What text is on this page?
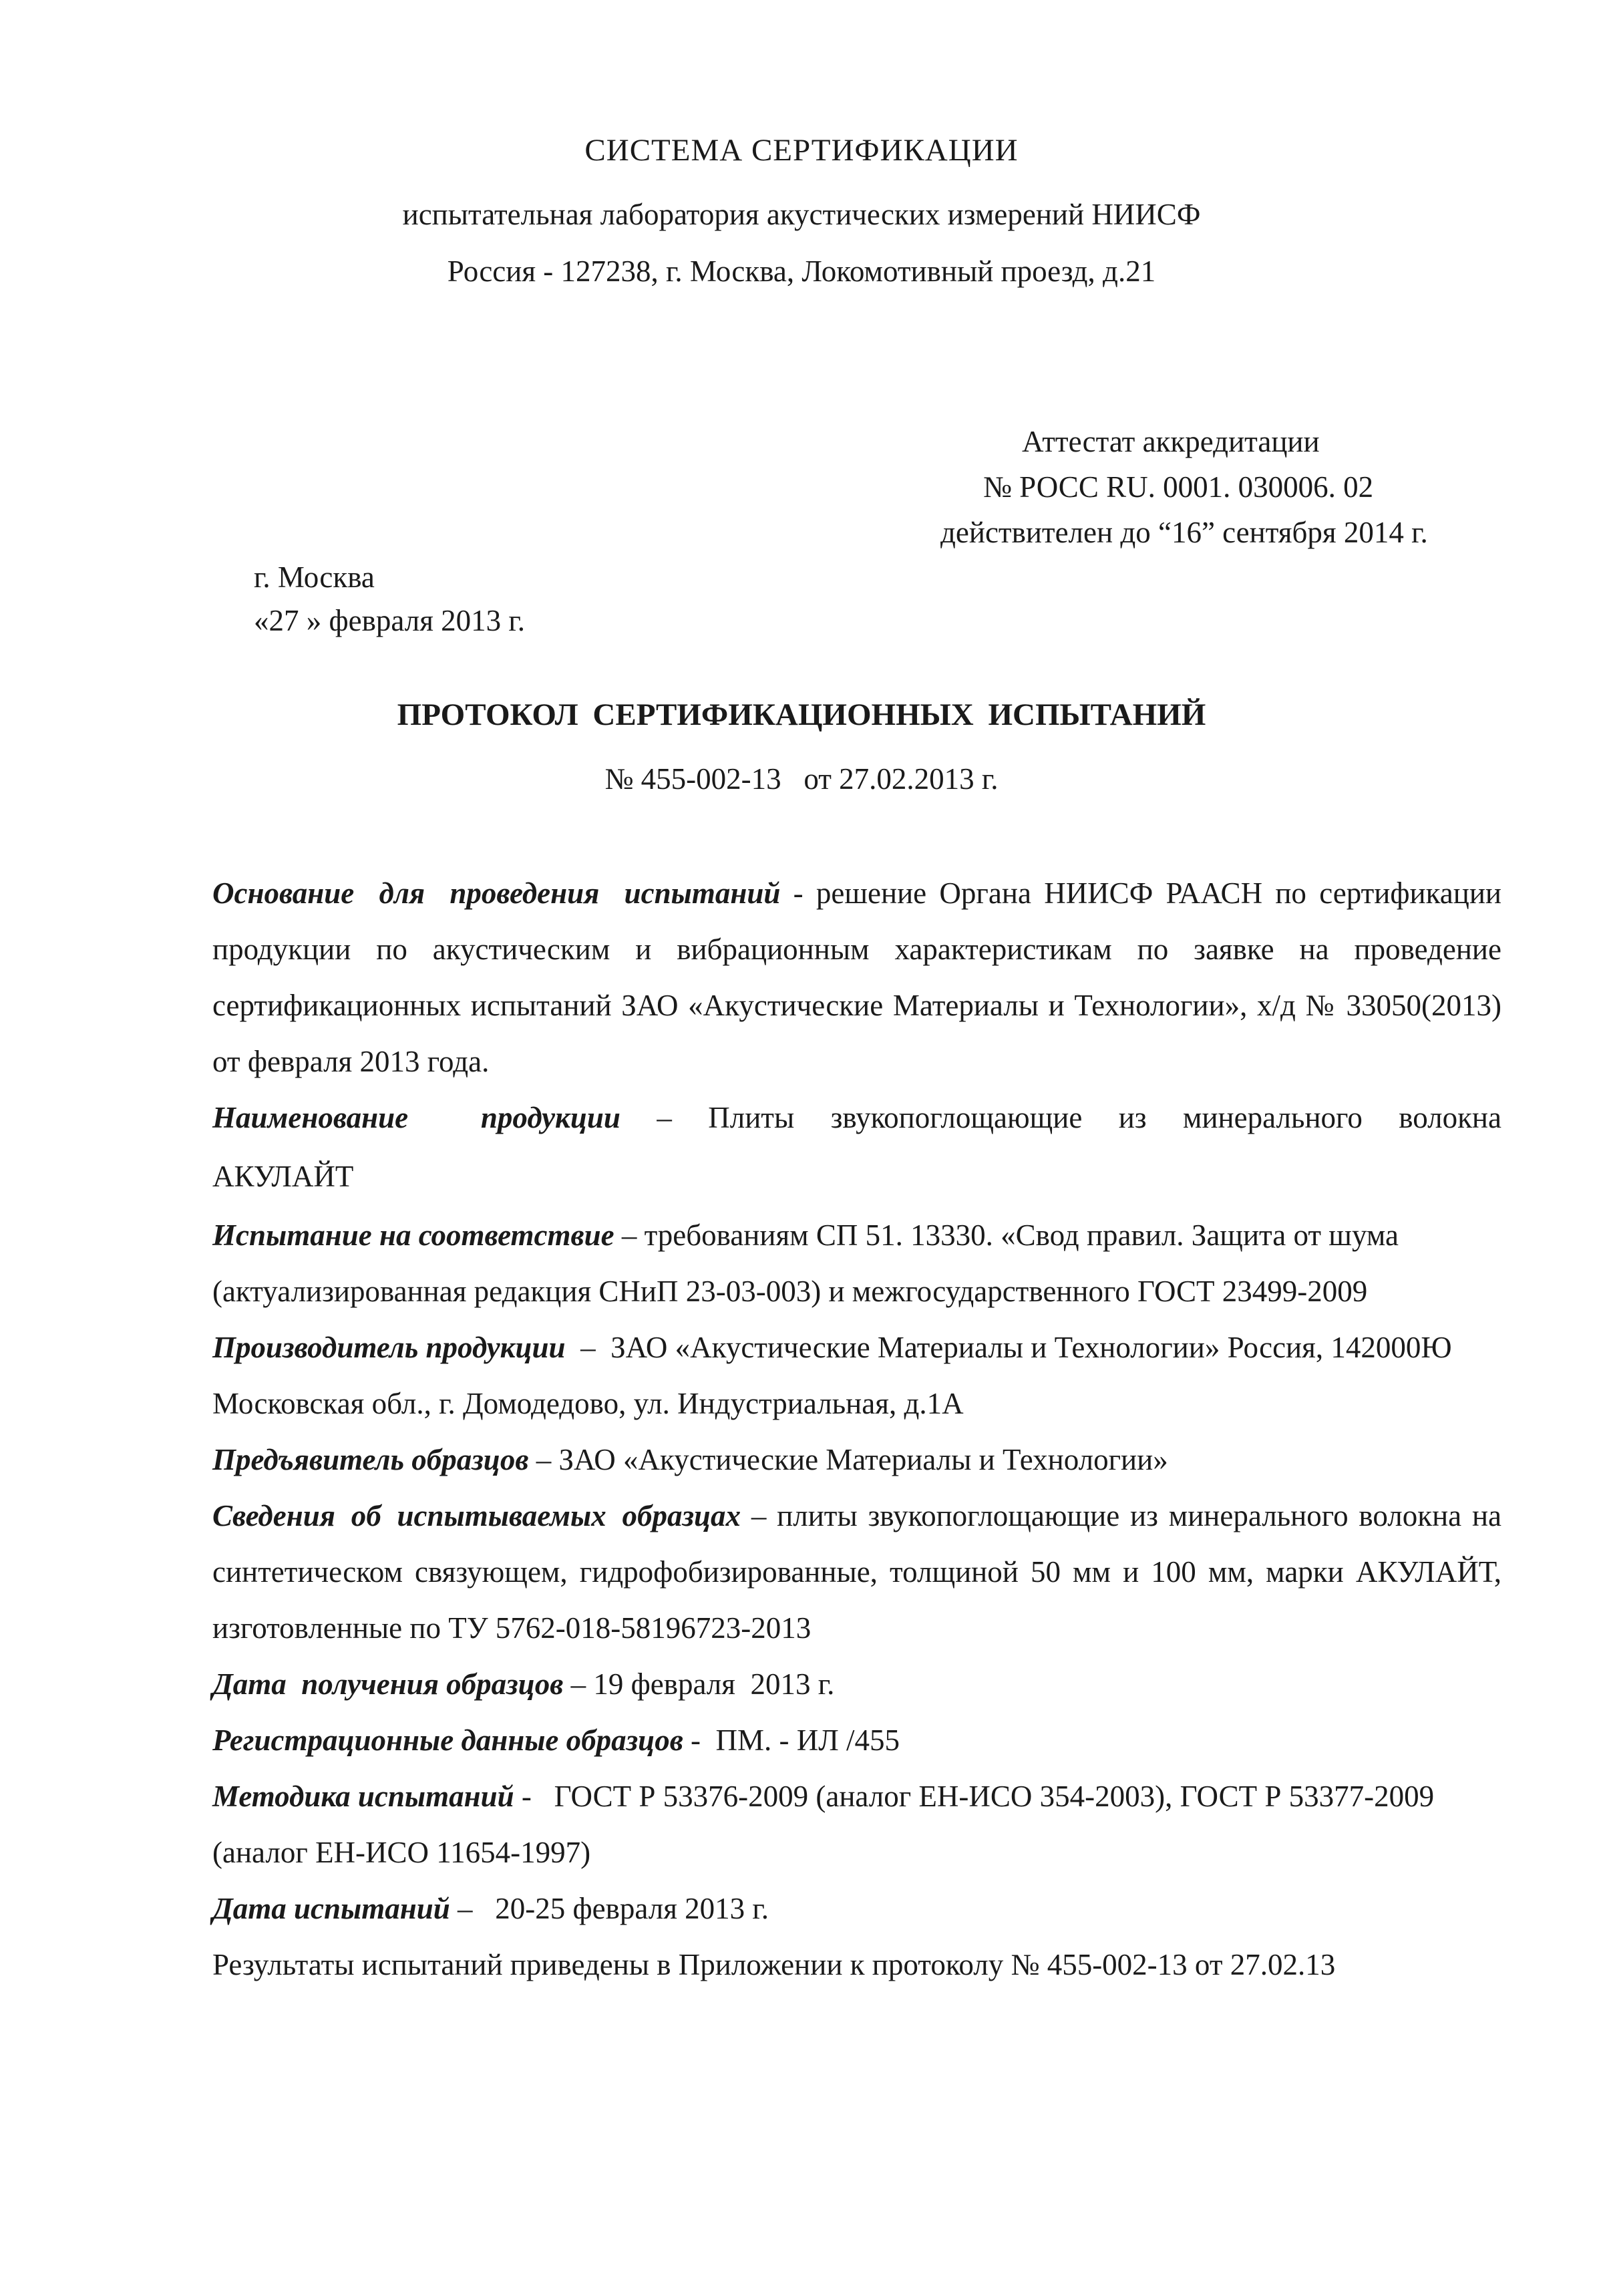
СИСТЕМА СЕРТИФИКАЦИИ
испытательная лаборатория акустических измерений НИИСФ
Россия - 127238, г. Москва, Локомотивный проезд, д.21
Аттестат аккредитации
№ РОСС RU. 0001. 030006. 02
действителен до “16” сентября 2014 г.
г. Москва
«27 » февраля 2013 г.
ПРОТОКОЛ СЕРТИФИКАЦИОННЫХ ИСПЫТАНИЙ
№ 455-002-13   от 27.02.2013 г.

Основание для проведения испытаний - решение Органа НИИСФ РААСН по сертификации продукции по акустическим и вибрационным характеристикам по заявке на проведение сертификационных испытаний ЗАО «Акустические Материалы и Технологии», х/д № 33050(2013) от февраля 2013 года.

Наименование  продукции – Плиты звукопоглощающие из минерального волокна

АКУЛАЙТ

Испытание на соответствие – требованиям СП 51. 13330. «Свод правил. Защита от шума (актуализированная редакция СНиП 23-03-003) и межгосударственного ГОСТ 23499-2009

Производитель продукции  –  ЗАО «Акустические Материалы и Технологии» Россия, 142000Ю Московская обл., г. Домодедово, ул. Индустриальная, д.1А

Предъявитель образцов – ЗАО «Акустические Материалы и Технологии»

Сведения об испытываемых образцах – плиты звукопоглощающие из минерального волокна на синтетическом связующем, гидрофобизированные, толщиной 50 мм и 100 мм, марки АКУЛАЙТ, изготовленные по ТУ 5762-018-58196723-2013

Дата  получения образцов – 19 февраля  2013 г.

Регистрационные данные образцов -  ПМ. - ИЛ /455

Методика испытаний -   ГОСТ Р 53376-2009 (аналог ЕН-ИСО 354-2003), ГОСТ Р 53377-2009 (аналог ЕН-ИСО 11654-1997)

Дата испытаний –   20-25 февраля 2013 г.

Результаты испытаний приведены в Приложении к протоколу № 455-002-13 от 27.02.13
